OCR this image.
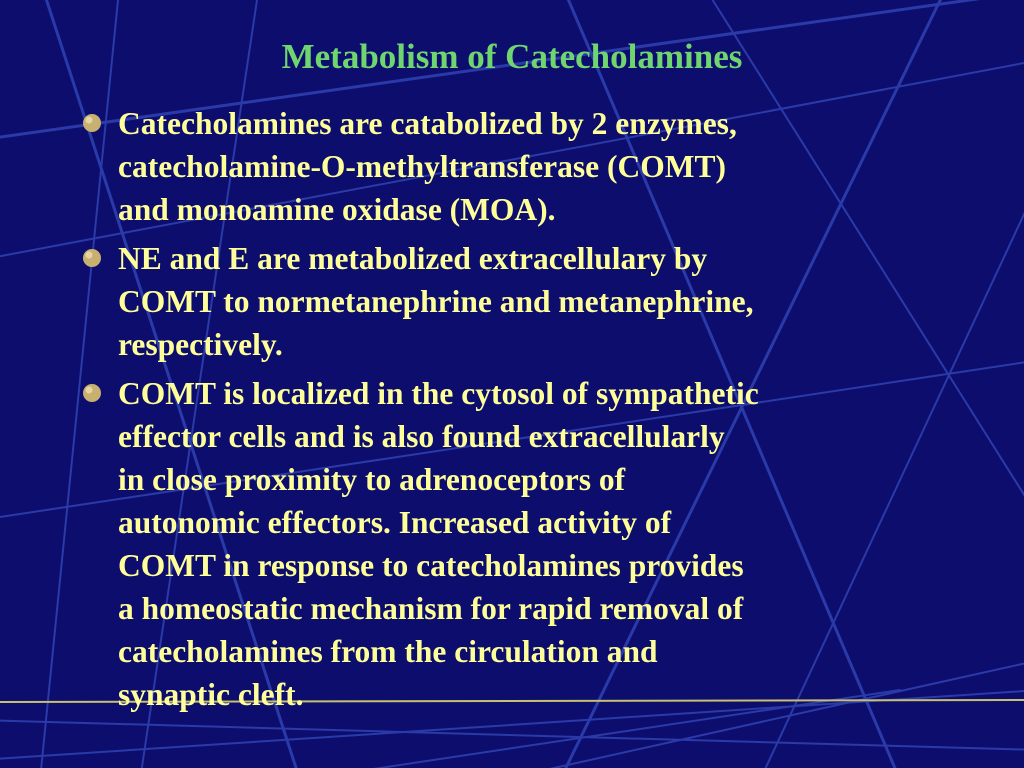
Metabolism of Catecholamines
Catecholamines are catabolized by 2 enzymes,
catecholamine-O-methyltransferase (COMT)
and monoamine oxidase (MOA).
NE and E are metabolized extracellulary by
COMT to normetanephrine and metanephrine,
respectively.
COMT is localized in the cytosol of sympathetic
effector cells and is also found extracellularly
in close proximity to adrenoceptors of
autonomic effectors. Increased activity of
COMT in response to catecholamines provides
a homeostatic mechanism for rapid removal of
catecholamines from the circulation and
synaptic cleft.
